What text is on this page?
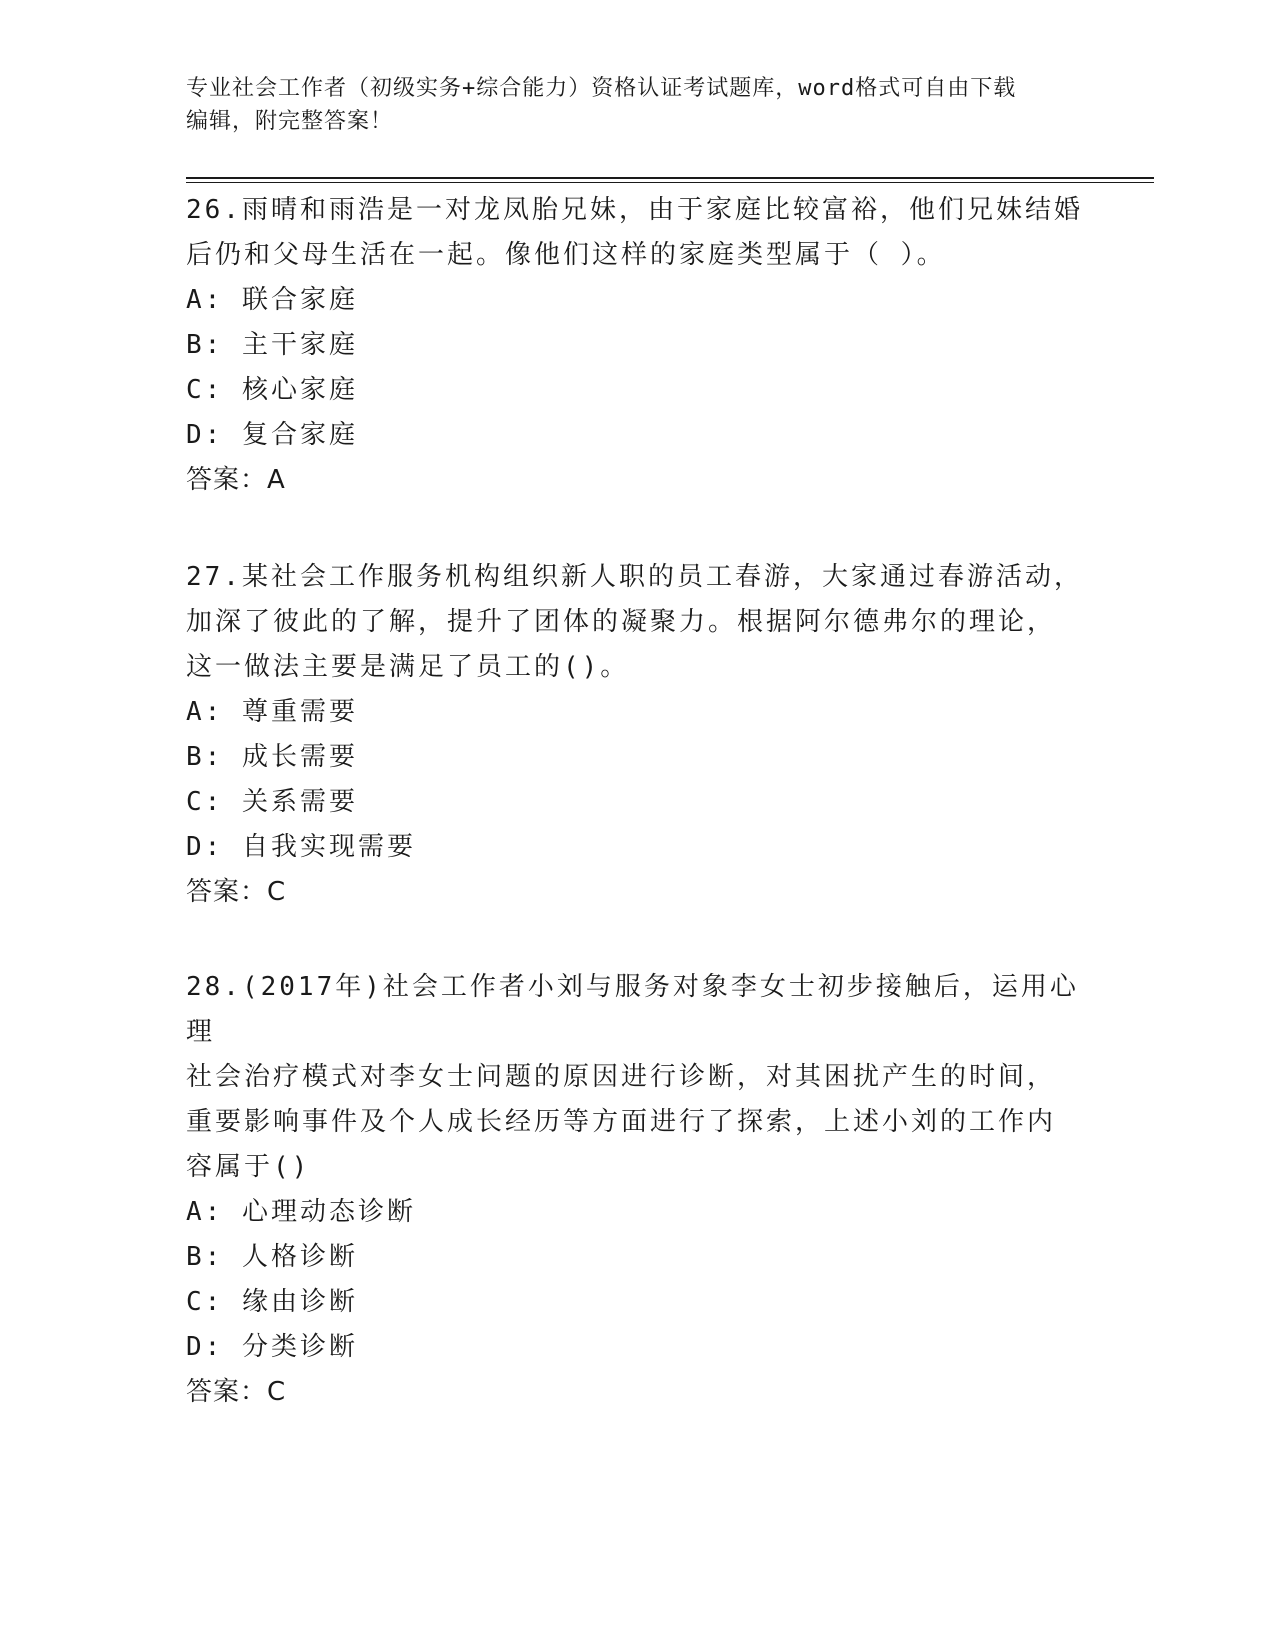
专业社会工作者（初级实务+综合能力）资格认证考试题库，word格式可自由下载
编辑，附完整答案！

26.雨晴和雨浩是一对龙凤胎兄妹，由于家庭比较富裕，他们兄妹结婚

后仍和父母生活在一起。像他们这样的家庭类型属于（ ）。

A: 联合家庭

B: 主干家庭

C: 核心家庭

D: 复合家庭

答案：A

27.某社会工作服务机构组织新人职的员工春游，大家通过春游活动，

加深了彼此的了解，提升了团体的凝聚力。根据阿尔德弗尔的理论，

这一做法主要是满足了员工的()。

A: 尊重需要

B: 成长需要

C: 关系需要

D: 自我实现需要

答案：C

28.(2017年)社会工作者小刘与服务对象李女士初步接触后，运用心理

社会治疗模式对李女士问题的原因进行诊断，对其困扰产生的时间，

重要影响事件及个人成长经历等方面进行了探索，上述小刘的工作内

容属于()

A: 心理动态诊断

B: 人格诊断

C: 缘由诊断

D: 分类诊断

答案：C
